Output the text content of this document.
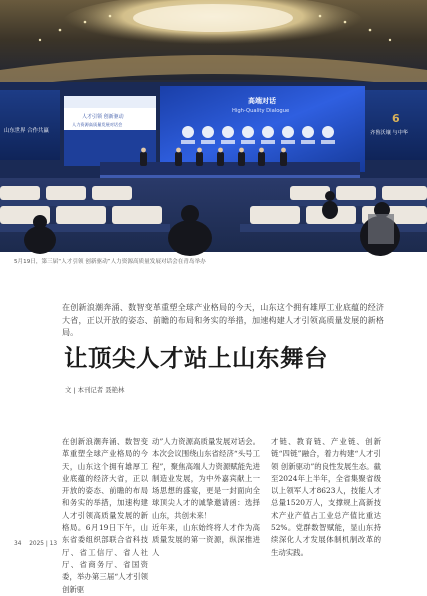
山东世界 合作共赢
6
齐鲁沃壤 与中华
人才引领 创新驱动
人力资源高质量发展对话会
高端对话
High-Quality Dialogue
5月19日，第三届“人才引领 创新驱动”人力资源高质量发展对话会在青岛举办

在创新浪潮奔涌、数智变革重塑全球产业格局的今天，山东这个拥有雄厚工业底蕴的经济大省，正以开放的姿态、前瞻的布局和务实的举措，加速构建人才引领高质量发展的新格局。

让顶尖人才站上山东舞台
文 | 本刊记者 聂艳林

在创新浪潮奔涌、数智变革重塑全球产业格局的今天，山东这个拥有雄厚工业底蕴的经济大省，正以开放的姿态、前瞻的布局和务实的举措，加速构建人才引领高质量发展的新格局。6月19日下午，山东省委组织部联合省科技厅、省工信厅、省人社厅、省商务厅、省国资委，举办第三届“人才引领 创新驱

动”人力资源高质量发展对话会。本次会议围绕山东省经济“头号工程”，聚焦高端人力资源赋能先进制造业发展，为中外嘉宾献上一场思想的盛宴，更是一封面向全球顶尖人才的诚挚邀请函：选择山东，共创未来！
近年来，山东始终将人才作为高质量发展的第一资源，纵深推进人

才链、教育链、产业链、创新链“四链”融合，着力构建“人才引领 创新驱动”的良性发展生态。截至2024年上半年，全省集聚省级以上领军人才8623人，技能人才总量1520万人，支撑规上高新技术产业产值占工业总产值比重达52%。党群数智赋能，显山东持续深化人才发展体制机制改革的生动实践。

34 2025 | 13
